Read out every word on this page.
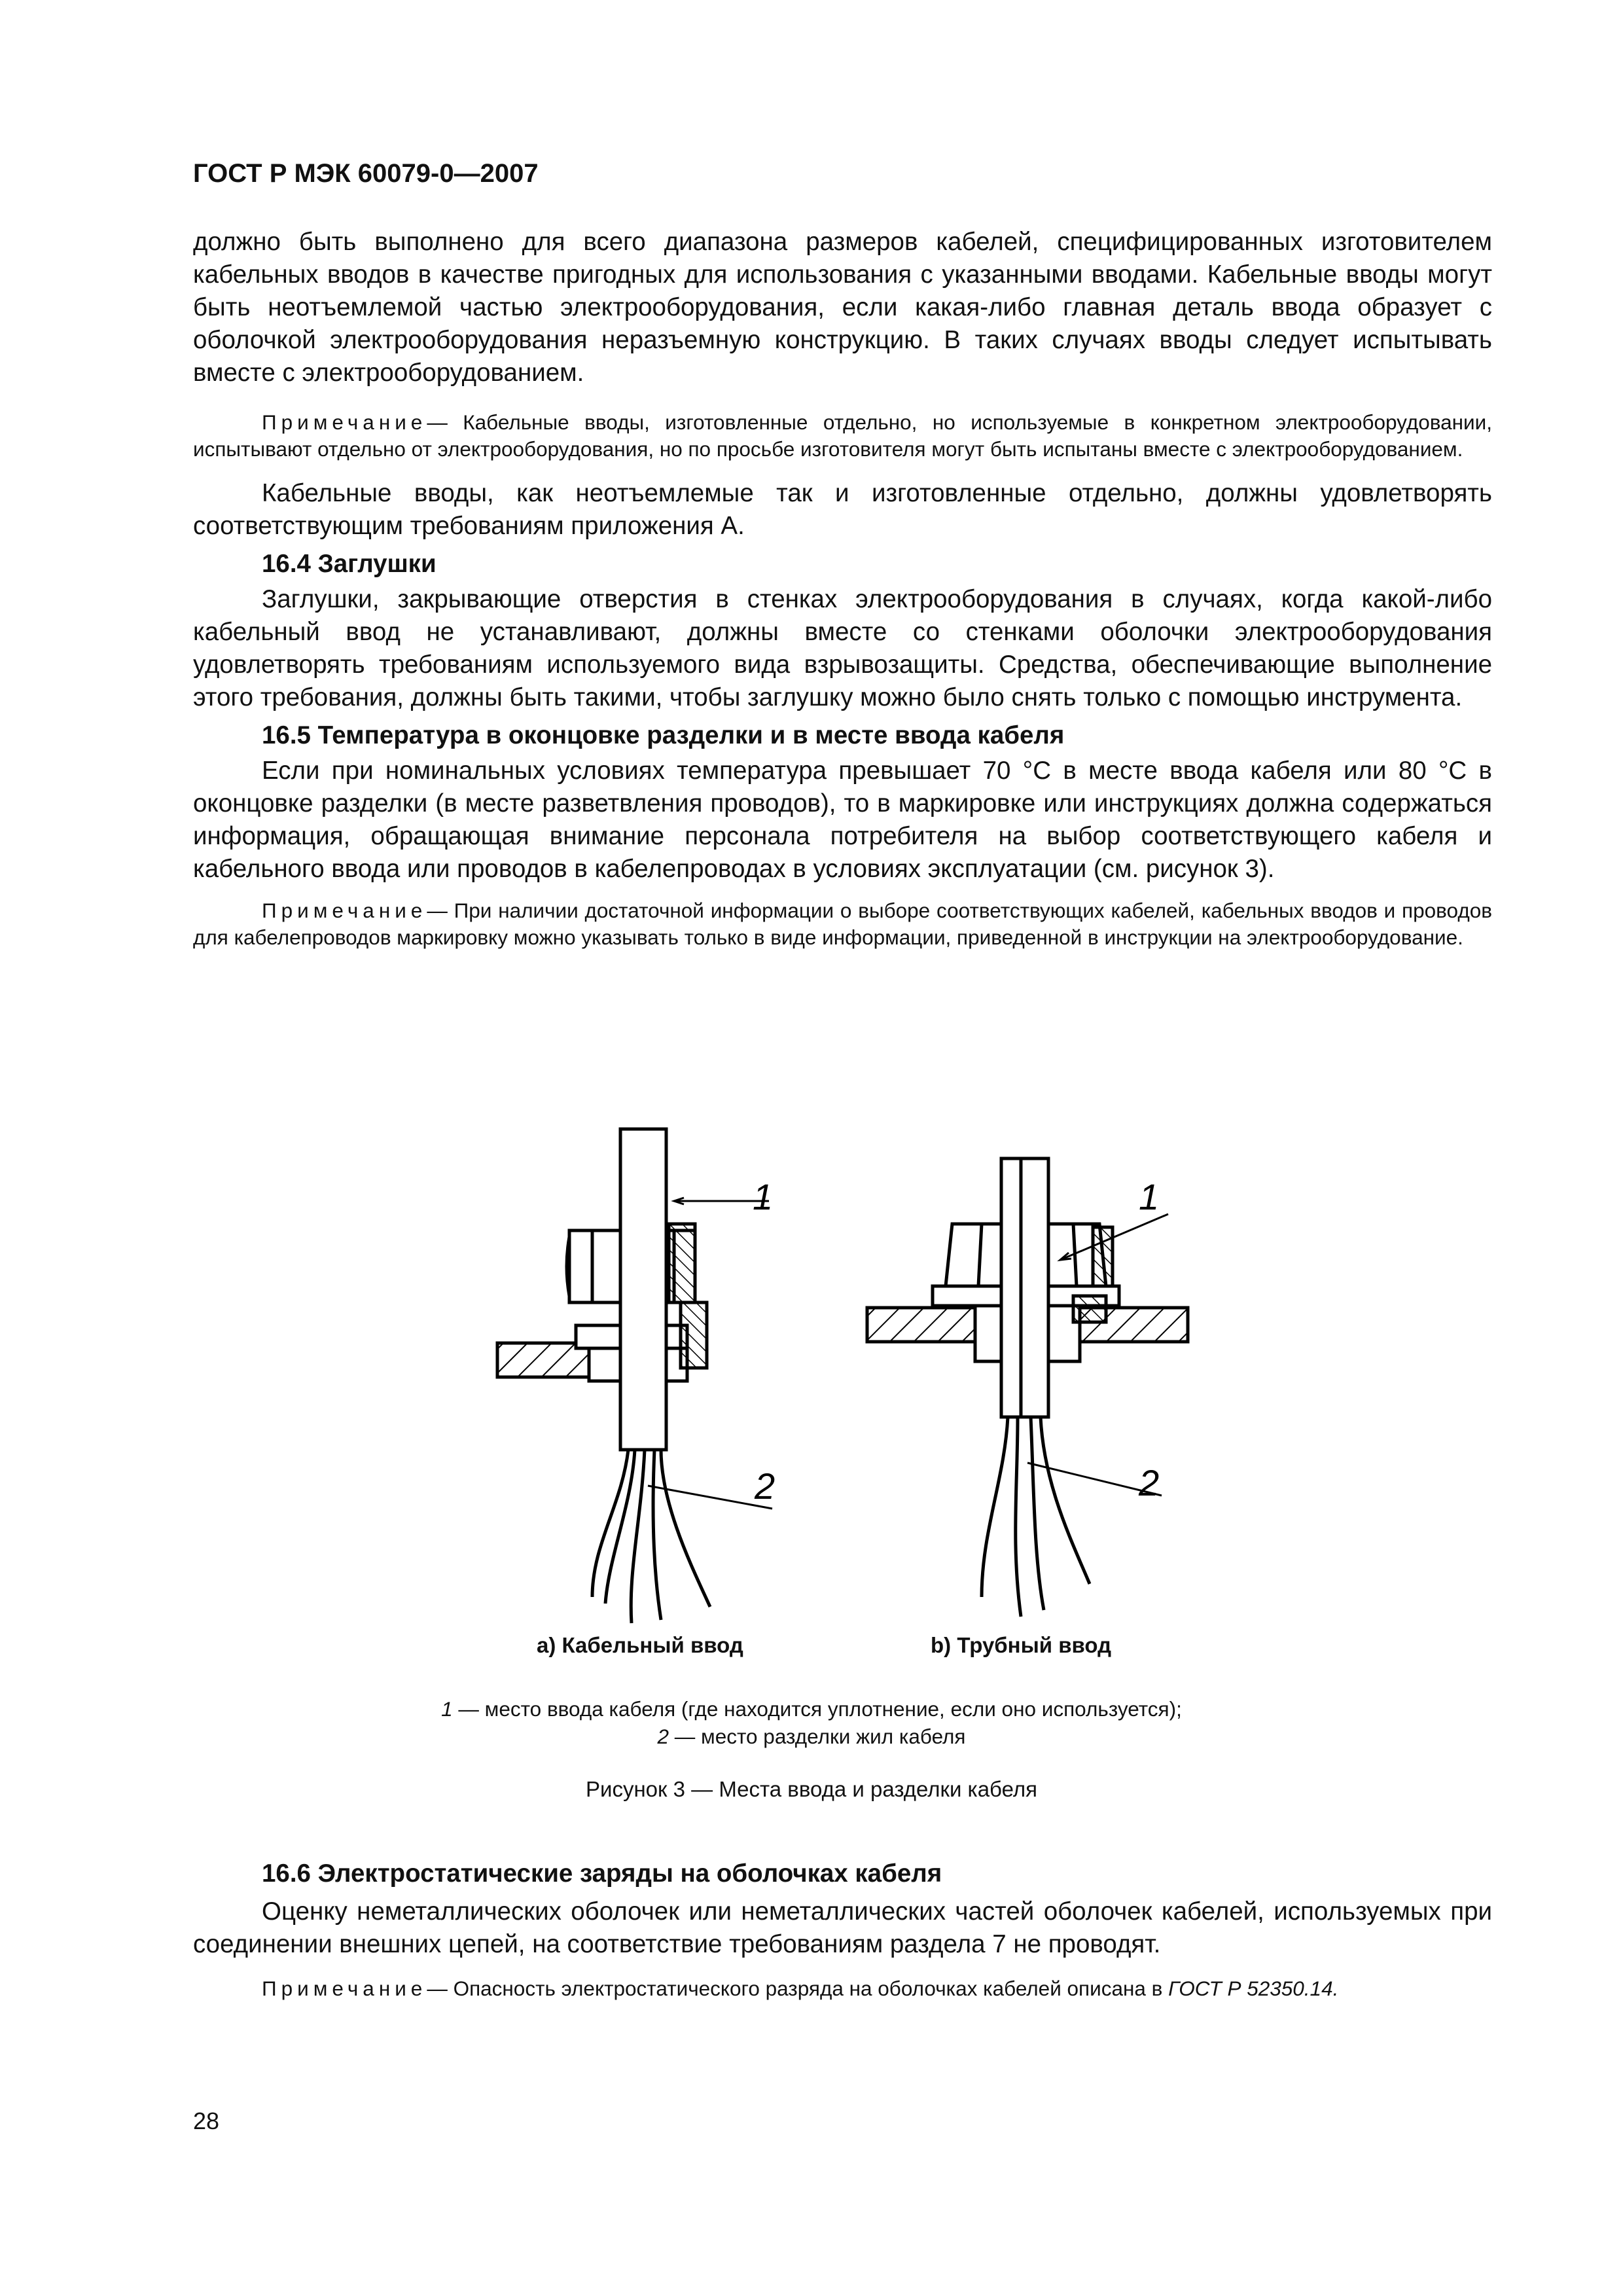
ГОСТ Р МЭК 60079-0—2007

должно быть выполнено для всего диапазона размеров кабелей, специфицированных изготовителем кабельных вводов в качестве пригодных для использования с указанными вводами. Кабельные вводы могут быть неотъемлемой частью электрооборудования, если какая-либо главная деталь ввода образует с оболочкой электрооборудования неразъемную конструкцию. В таких случаях вводы следует испытывать вместе с электрооборудованием.

Примечание— Кабельные вводы, изготовленные отдельно, но используемые в конкретном электрооборудовании, испытывают отдельно от электрооборудования, но по просьбе изготовителя могут быть испытаны вместе с электрооборудованием.

Кабельные вводы, как неотъемлемые так и изготовленные отдельно, должны удовлетворять соответствующим требованиям приложения А.

16.4 Заглушки

Заглушки, закрывающие отверстия в стенках электрооборудования в случаях, когда какой-либо кабельный ввод не устанавливают, должны вместе со стенками оболочки электрооборудования удовлетворять требованиям используемого вида взрывозащиты. Средства, обеспечивающие выполнение этого требования, должны быть такими, чтобы заглушку можно было снять только с помощью инструмента.

16.5 Температура в оконцовке разделки и в месте ввода кабеля

Если при номинальных условиях температура превышает 70 °С в месте ввода кабеля или 80 °С в оконцовке разделки (в месте разветвления проводов), то в маркировке или инструкциях должна содержаться информация, обращающая внимание персонала потребителя на выбор соответствующего кабеля и кабельного ввода или проводов в кабелепроводах в условиях эксплуатации (см. рисунок 3).

Примечание— При наличии достаточной информации о выборе соответствующих кабелей, кабельных вводов и проводов для кабелепроводов маркировку можно указывать только в виде информации, приведенной в инструкции на электрооборудование.

1
2
1
2
а) Кабельный ввод	b) Трубный ввод
1 — место ввода кабеля (где находится уплотнение, если оно используется);
2 — место разделки жил кабеля
Рисунок 3 — Места ввода и разделки кабеля
16.6 Электростатические заряды на оболочках кабеля

Оценку неметаллических оболочек или неметаллических частей оболочек кабелей, используемых при соединении внешних цепей, на соответствие требованиям раздела 7 не проводят.

Примечание— Опасность электростатического разряда на оболочках кабелей описана в ГОСТ Р 52350.14.

28
